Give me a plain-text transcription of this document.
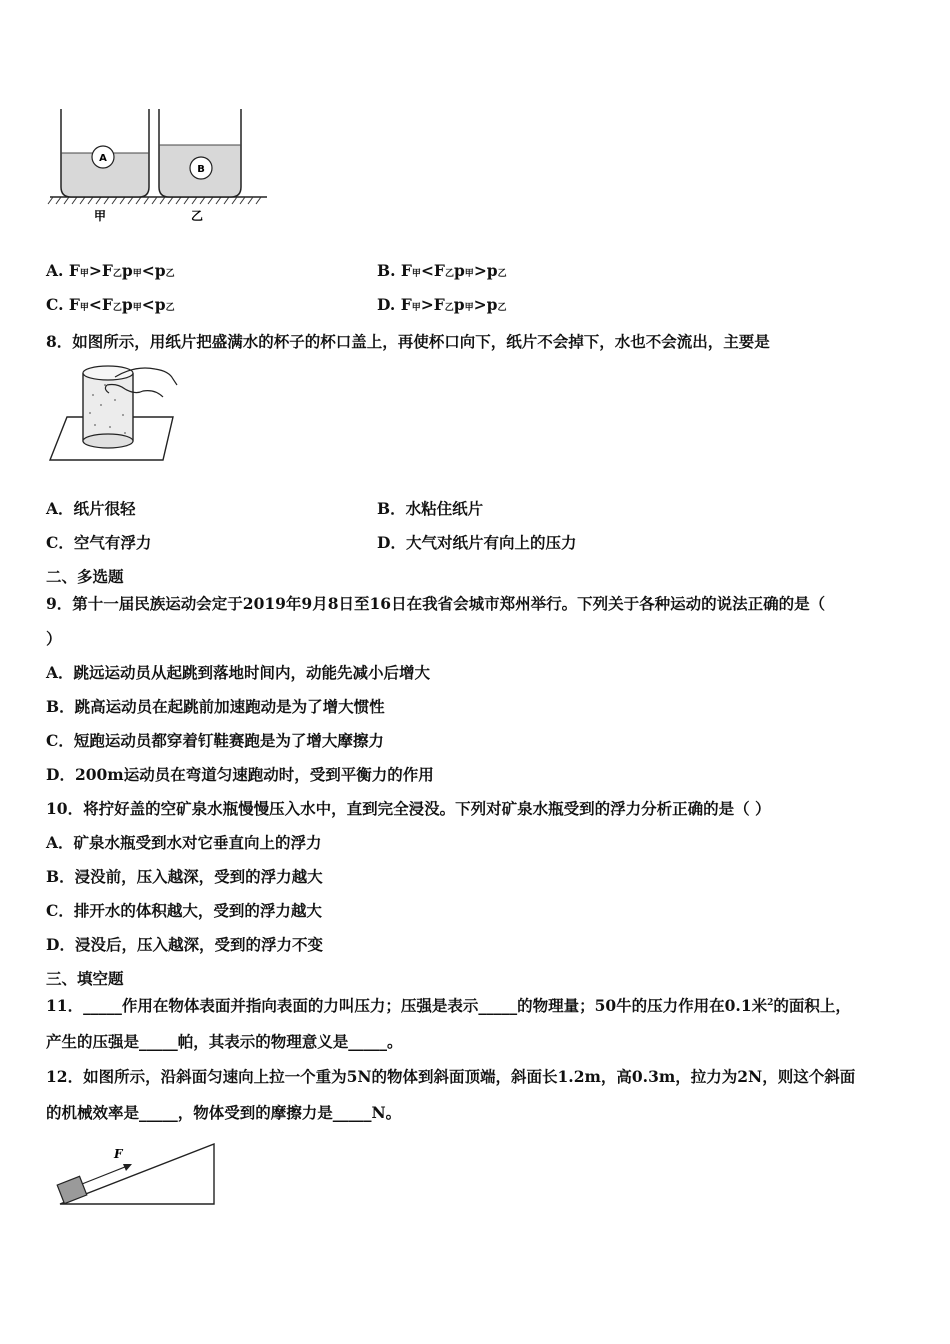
A
B
甲	乙
A. F甲>F乙p甲<p乙	B. F甲<F乙p甲>p乙
C. F甲<F乙p甲<p乙	D. F甲>F乙p甲>p乙
8．如图所示，用纸片把盛满水的杯子的杯口盖上，再使杯口向下，纸片不会掉下，水也不会流出，主要是
A．纸片很轻	B．水粘住纸片
C．空气有浮力	D．大气对纸片有向上的压力
二、多选题
9．第十一届民族运动会定于2019年9月8日至16日在我省会城市郑州举行。下列关于各种运动的说法正确的是（
）
A．跳远运动员从起跳到落地时间内，动能先减小后增大
B．跳高运动员在起跳前加速跑动是为了增大惯性
C．短跑运动员都穿着钉鞋赛跑是为了增大摩擦力
D．200m运动员在弯道匀速跑动时，受到平衡力的作用
10．将拧好盖的空矿泉水瓶慢慢压入水中，直到完全浸没。下列对矿泉水瓶受到的浮力分析正确的是（ ）
A．矿泉水瓶受到水对它垂直向上的浮力
B．浸没前，压入越深，受到的浮力越大
C．排开水的体积越大，受到的浮力越大
D．浸没后，压入越深，受到的浮力不变
三、填空题
11．_____作用在物体表面并指向表面的力叫压力；压强是表示_____的物理量；50牛的压力作用在0.1米$^2$的面积上，
产生的压强是_____帕，其表示的物理意义是_____。
12．如图所示，沿斜面匀速向上拉一个重为5N的物体到斜面顶端，斜面长1.2m，高0.3m，拉力为2N，则这个斜面
的机械效率是_____，物体受到的摩擦力是_____N。
F
